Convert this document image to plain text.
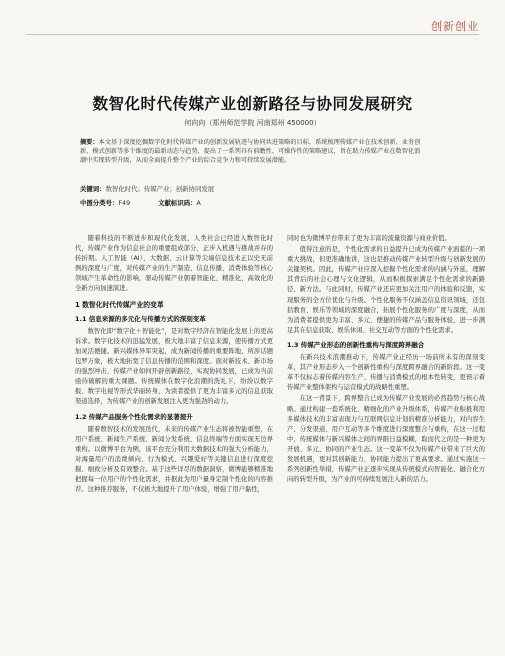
创新创业
数智化时代传媒产业创新路径与协同发展研究
何向向（郑州师范学院 河南郑州 450000）
摘要：本文基于深度挖掘数字化时代传媒产业的创新发展轨迹与协同共进策略的目标，系统梳理传媒产业在技术创新、业务创新、模式创新等多个维度的最新动态与趋势，提出了一系列具有前瞻性、可操作性的策略建议，旨在助力传媒产业在数智化浪潮中实现转型升级，从而全面提升整个产业的综合竞争力和可持续发展潜能。
关键词：数智化时代；传媒产业；创新协同发展
中图分类号：F49	文献标识码：A

随着科技的不断进步和现代化发展，人类社会已经进入数智化时代，传媒产业作为信息社会的重要组成部分，正步入机遇与挑战并存的转折期。人工智能（AI）、大数据、云计算等尖端信息技术正以史无前例的深度与广度，对传媒产业的生产制造、信息传播、消费体验等核心领域产生革命性的影响，驱动传媒产业朝着智能化、精准化、高效化的全新方向加速演进。

1 数智化时代传媒产业的变革
1.1 信息来源的多元化与传播方式的深刻变革

数智化即“数字化＋智能化”，是对数字经济在智能化发展上的更高诉求。数字化技术的迅猛发展，极大地丰富了信息来源，使传播方式更加灵活便捷。新兴媒体异军突起，成为新闻传播的重要阵地，所涉话题包罗万象，极大地拓宽了信息传播的范围和深度。面对新技术、新市场的强烈冲击，传媒产业如何开辟创新路径、实现协同发展，已成为当前亟待破解的重大课题。传统媒体在数字化浪潮的洗礼下，纷纷以数字报、数字电视等形式华丽转身，为读者提供了更为丰富多元的信息获取渠道选择，为传媒产业的创新发展注入更为强劲的动力。

1.2 传媒产品服务个性化需求的显著提升

随着数智技术的发展迭代，未来的传媒产业生态将被智能重塑，在用户系统、新闻生产系统、新闻分发系统、信息终端等方面实现无边界重构。以微博平台为例，该平台充分利用大数据技术的强大分析能力，对海量用户的消费倾向、行为模式、兴趣爱好等关键信息进行深度挖掘、细致分析及有效整合。基于这些详尽的数据洞察，微博能够精准地把握每一位用户的个性化需求，并据此为用户量身定制个性化的内容推荐。这种推荐服务，不仅极大地提升了用户体验，增强了用户黏性，

同时也为微博平台带来了更为丰富的流量资源与商业价值。

值得注意的是，个性化需求的日益提升已成为传媒产业面临的一项重大挑战，但更准确地讲，这也是推动传媒产业转型升级与创新发展的关键契机。因此，传媒产业应深入挖掘个性化需求的内涵与外延，理解其背后的社会心理与文化逻辑，从而积极探索满足个性化需求的新路径、新方法。与此同时，传媒产业还应更加关注用户的体验和反馈，实现服务的全方位优化与升级。个性化服务不仅涵盖信息资讯领域，还包括教育、娱乐等领域的深度融合，拓展个性化服务的广度与深度，从而为消费者提供更为丰富、多元、便捷的传媒产品与服务体验，进一步满足其在信息获取、娱乐休闲、社交互动等方面的个性化需求。

1.3 传媒产业形态的创新性重构与深度跨界融合

在新兴技术浪潮推动下，传媒产业正经历一场前所未有的深刻变革，其产业形态步入一个创新性重构与深度跨界融合的新阶段。这一变革不仅标志着传媒内容生产、传播与消费模式的根本性转变，更预示着传媒产业整体架构与运营模式的战略性重塑。

在这一背景下，跨界整合已成为传媒产业发展的必然趋势与核心战略。通过构建一套系统化、精细化的产业升级体系，传媒产业积极利用多媒体技术的丰富表现力与互联网信息计划的精准分析能力，对内容生产、分发渠道、用户互动等多个维度进行深度整合与重构，在这一过程中，传统媒体与新兴媒体之间的界限日益模糊，取而代之的是一种更为开放、多元、协同的产业生态。这一变革不仅为传媒产业带来了巨大的发展机遇，更对其创新能力、协同能力提出了更高要求。通过实施这一系列创新性举措，传媒产业正逐步实现从传统模式向智能化、融合化方向的转型升级，为产业的可持续发展注入新的活力。
